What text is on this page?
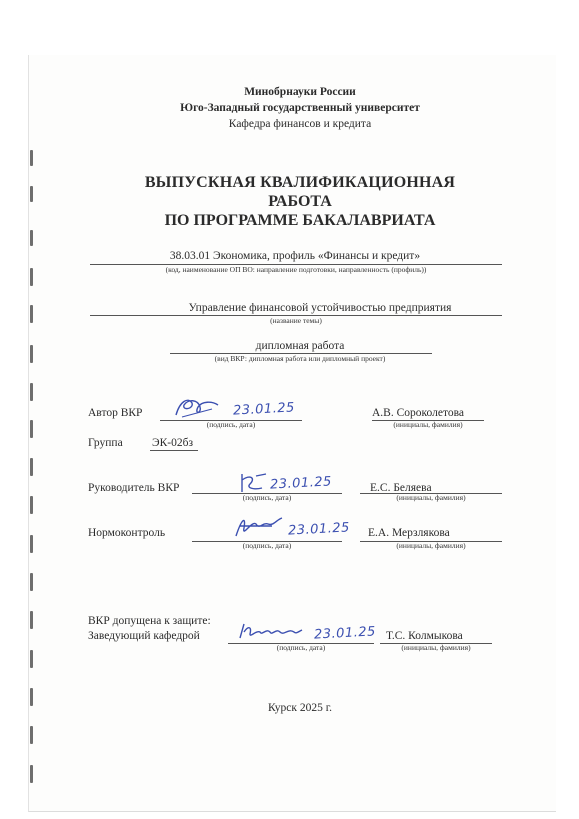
Минобрнауки России
Юго-Западный государственный университет
Кафедра финансов и кредита
ВЫПУСКНАЯ КВАЛИФИКАЦИОННАЯ
РАБОТА
ПО ПРОГРАММЕ БАКАЛАВРИАТА
38.03.01 Экономика, профиль «Финансы и кредит»
(код, наименование ОП ВО: направление подготовки, направленность (профиль))
Управление финансовой устойчивостью предприятия
(название темы)
дипломная работа
(вид ВКР: дипломная работа или дипломный проект)
Автор ВКР
(подпись, дата)
23.01.25	А.В. Сороколетова
(инициалы, фамилия)
Группа	ЭК-02бз
Руководитель ВКР
(подпись, дата)
23.01.25	Е.С. Беляева
(инициалы, фамилия)
Нормоконтроль
(подпись, дата)
23.01.25 Е.А. Мерзлякова
(инициалы, фамилия)
ВКР допущена к защите:
Заведующий кафедрой
(подпись, дата)
23.01.25 Т.С. Колмыкова
(инициалы, фамилия)
Курск 2025 г.
